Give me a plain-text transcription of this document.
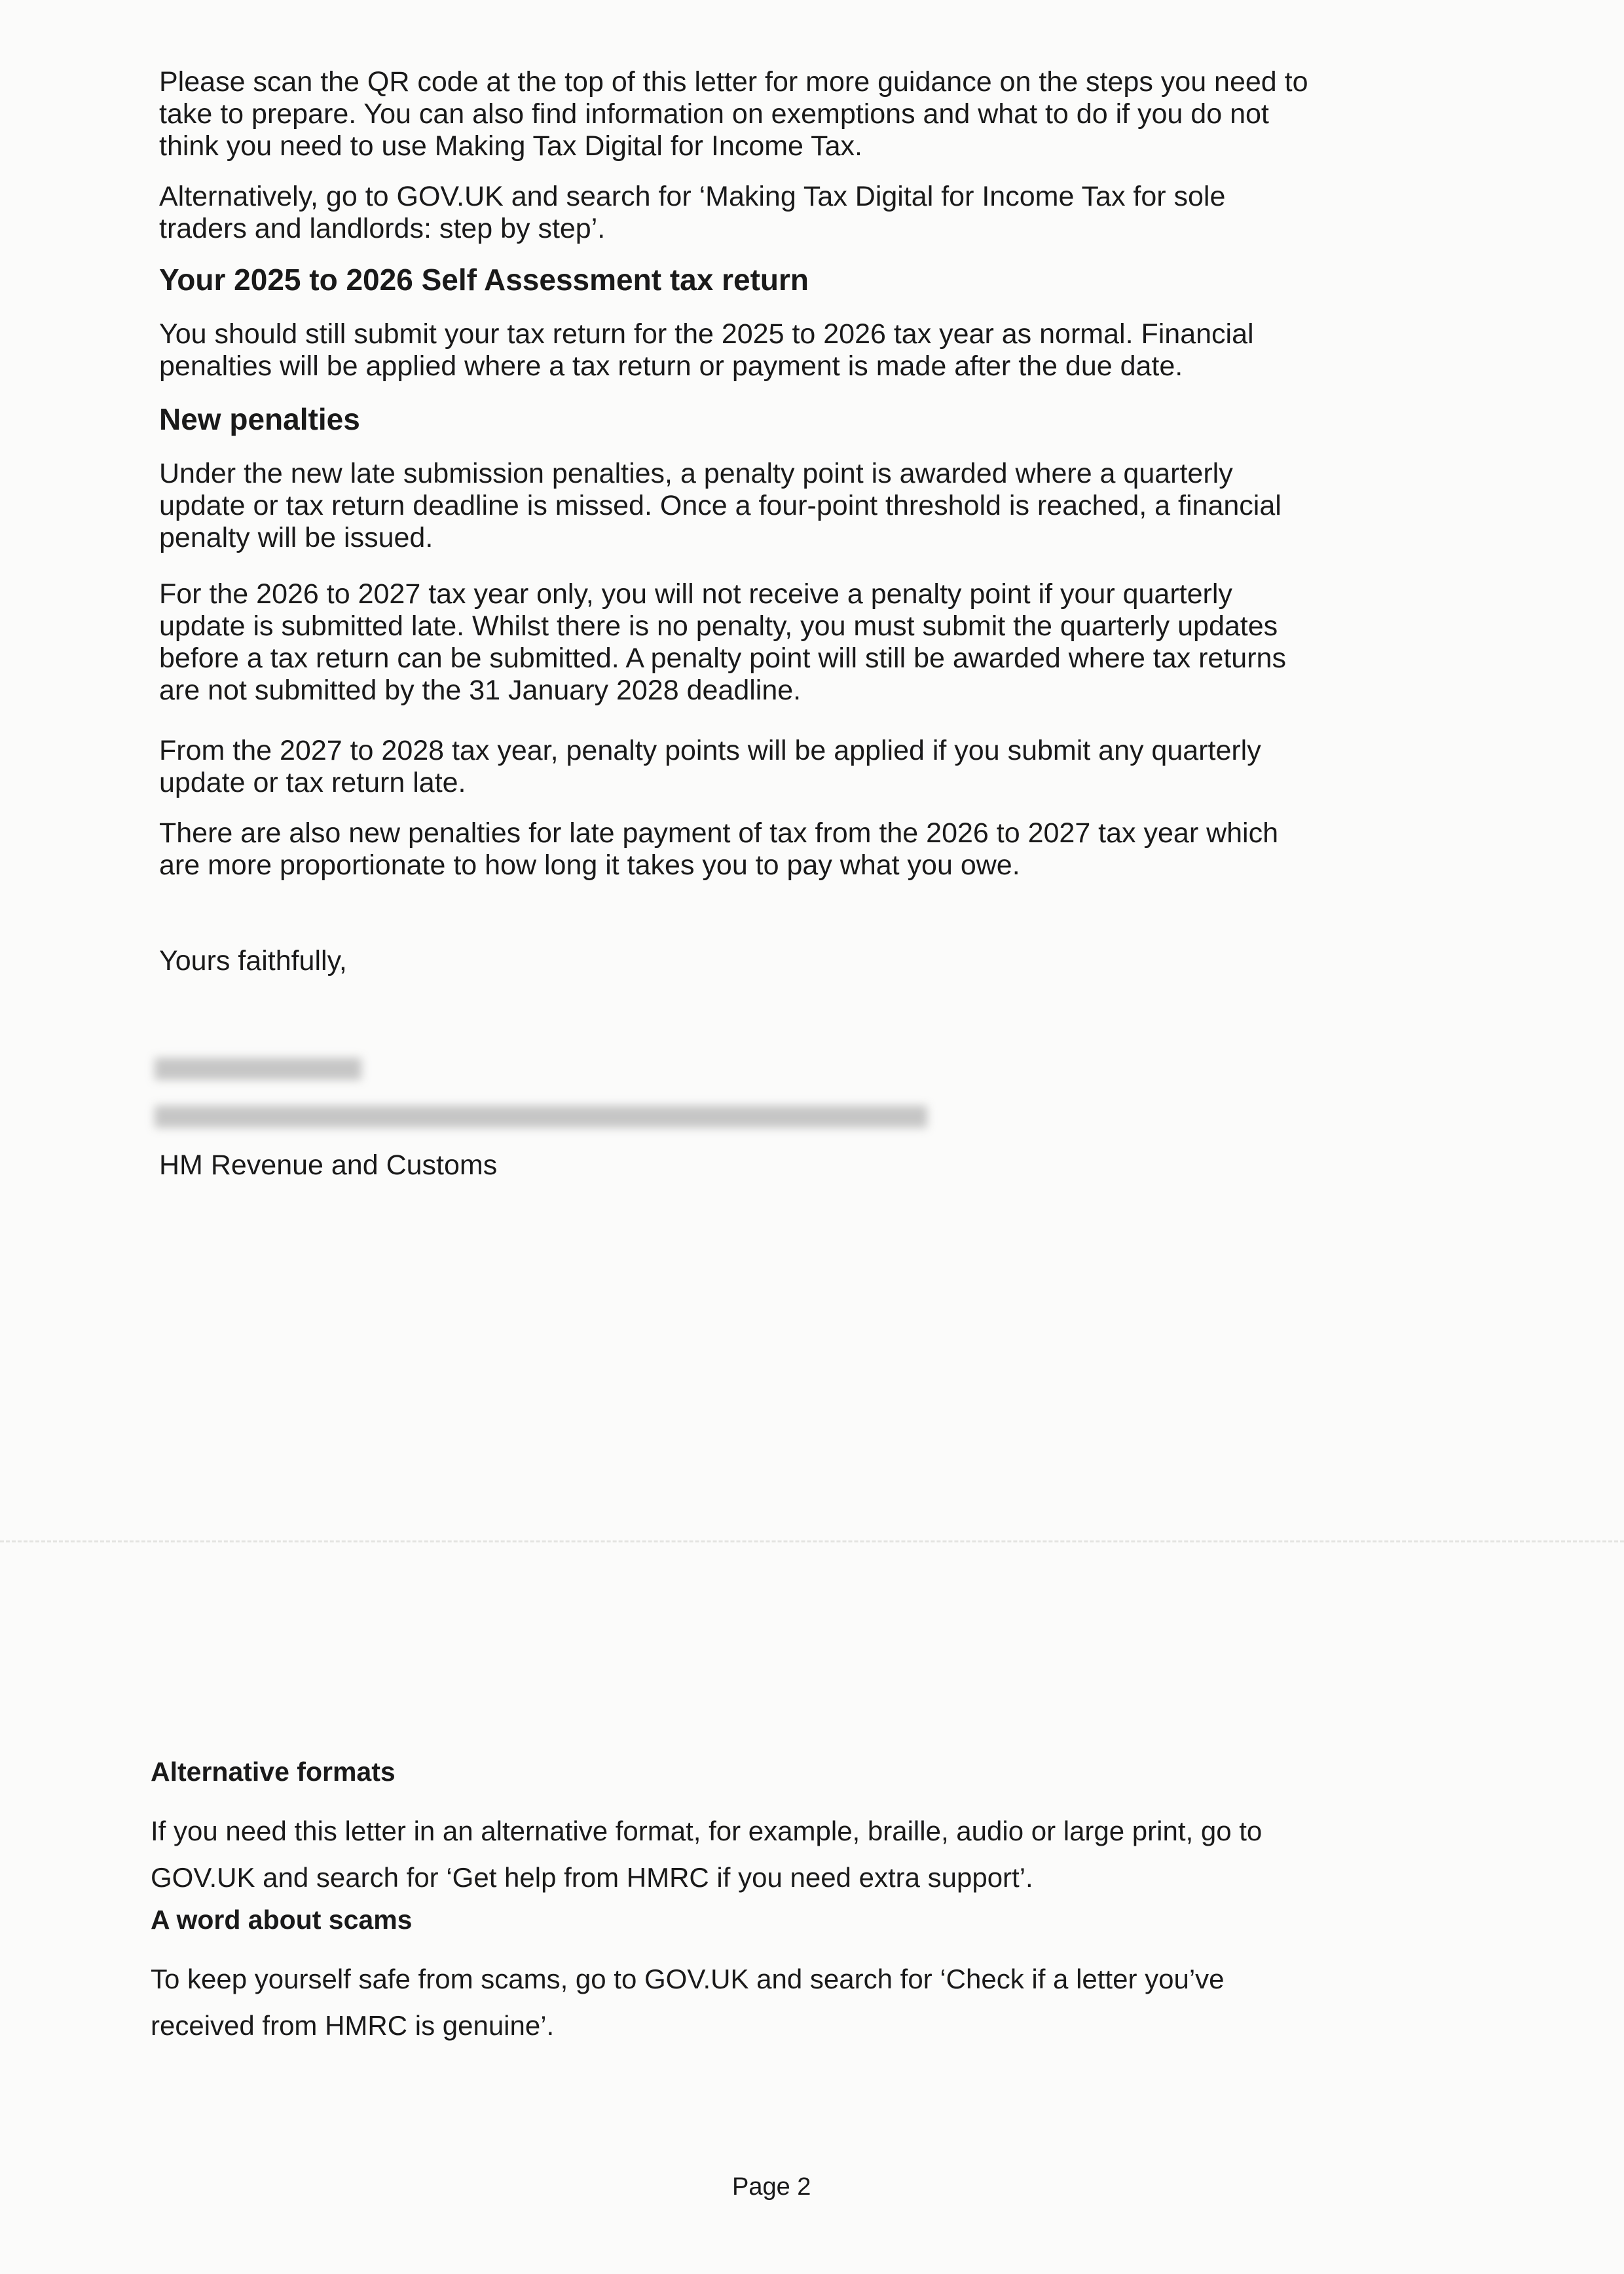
Please scan the QR code at the top of this letter for more guidance on the steps you need to
take to prepare. You can also find information on exemptions and what to do if you do not
think you need to use Making Tax Digital for Income Tax.
Alternatively, go to GOV.UK and search for ‘Making Tax Digital for Income Tax for sole
traders and landlords: step by step’.
Your 2025 to 2026 Self Assessment tax return
You should still submit your tax return for the 2025 to 2026 tax year as normal. Financial
penalties will be applied where a tax return or payment is made after the due date.
New penalties
Under the new late submission penalties, a penalty point is awarded where a quarterly
update or tax return deadline is missed. Once a four-point threshold is reached, a financial
penalty will be issued.
For the 2026 to 2027 tax year only, you will not receive a penalty point if your quarterly
update is submitted late. Whilst there is no penalty, you must submit the quarterly updates
before a tax return can be submitted. A penalty point will still be awarded where tax returns
are not submitted by the 31 January 2028 deadline.
From the 2027 to 2028 tax year, penalty points will be applied if you submit any quarterly
update or tax return late.
There are also new penalties for late payment of tax from the 2026 to 2027 tax year which
are more proportionate to how long it takes you to pay what you owe.
Yours faithfully,
HM Revenue and Customs
Alternative formats
If you need this letter in an alternative format, for example, braille, audio or large print, go to
GOV.UK and search for ‘Get help from HMRC if you need extra support’.
A word about scams
To keep yourself safe from scams, go to GOV.UK and search for ‘Check if a letter you’ve
received from HMRC is genuine’.
Page 2
